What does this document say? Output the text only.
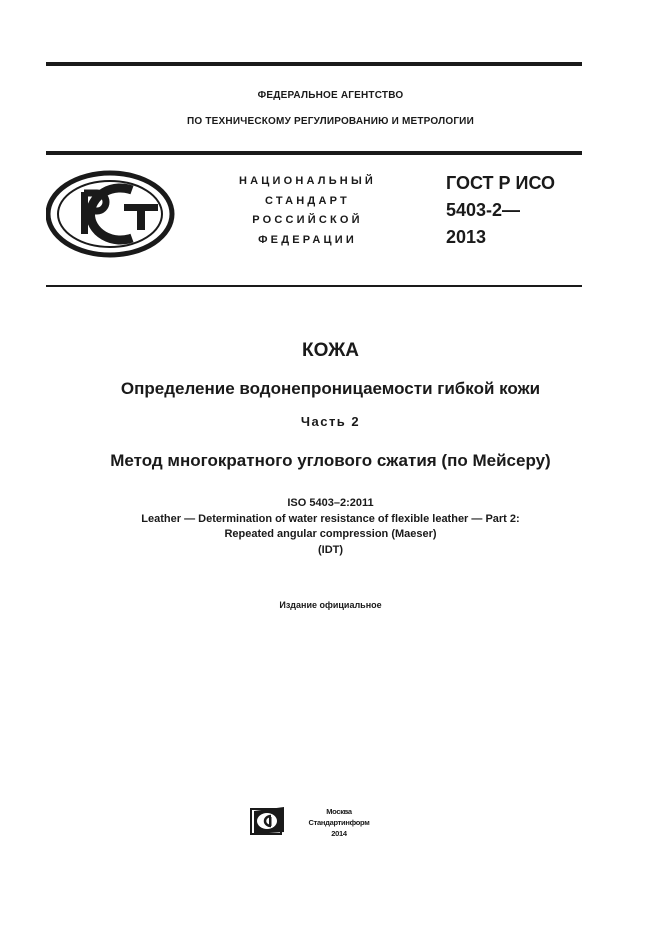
ФЕДЕРАЛЬНОЕ АГЕНТСТВО
ПО ТЕХНИЧЕСКОМУ РЕГУЛИРОВАНИЮ И МЕТРОЛОГИИ
НАЦИОНАЛЬНЫЙ
СТАНДАРТ
РОССИЙСКОЙ
ФЕДЕРАЦИИ
ГОСТ Р ИСО
5403-2—
2013
КОЖА
Определение водонепроницаемости гибкой кожи
Часть 2
Метод многократного углового сжатия (по Мейсеру)
ISO 5403–2:2011
Leather — Determination of water resistance of flexible leather — Part 2:
Repeated angular compression (Maeser)
(IDT)
Издание официальное
Москва
Стандартинформ
2014
